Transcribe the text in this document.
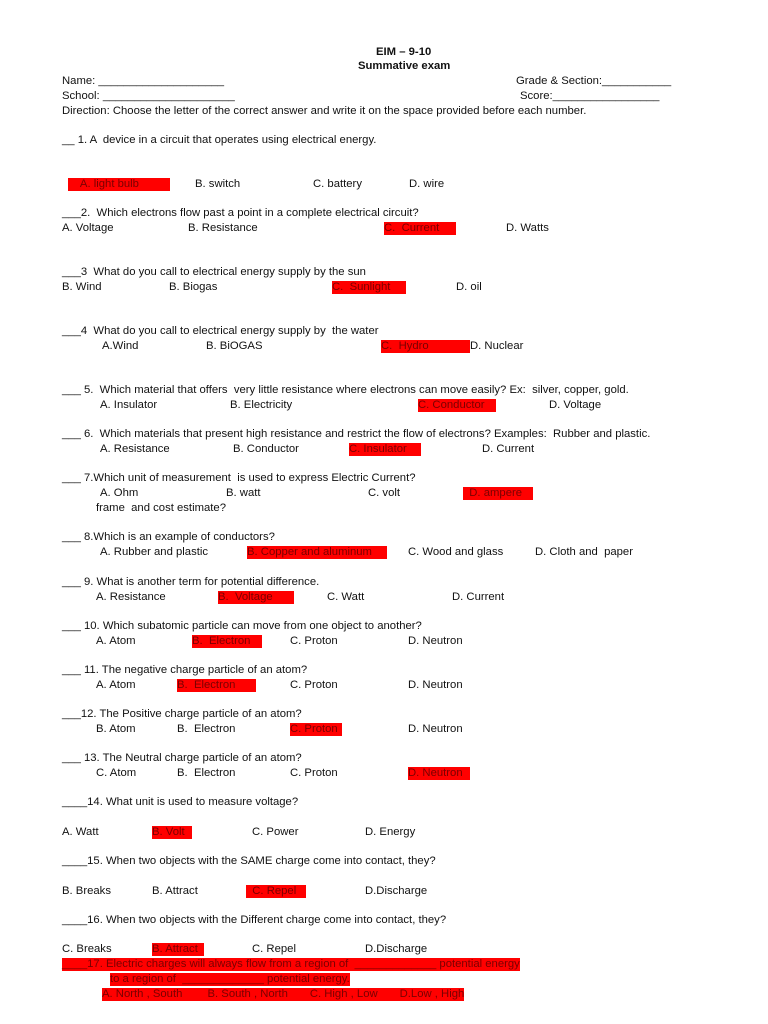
EIM – 9-10
Summative exam
Name: ____________________	Grade & Section:___________
School: _____________________	Score:_________________
Direction: Choose the letter of the correct answer and write it on the space provided before each number.
__ 1. A  device in a circuit that operates using electrical energy.
A. light bulb	B. switch	C. battery	D. wire
___2.  Which electrons flow past a point in a complete electrical circuit?
A. Voltage	B. Resistance	C.  Current	D. Watts
___3  What do you call to electrical energy supply by the sun
B. Wind	B. Biogas	C.  Sunlight	D. oil
___4  What do you call to electrical energy supply by  the water
A.Wind	B. BiOGAS	C.  Hydro	D. Nuclear
___ 5.  Which material that offers  very little resistance where electrons can move easily? Ex:  silver, copper, gold.
A. Insulator	B. Electricity	C. Conductor	D. Voltage
___ 6.  Which materials that present high resistance and restrict the flow of electrons? Examples:  Rubber and plastic.
A. Resistance	B. Conductor	C. Insulator	D. Current
___ 7.Which unit of measurement  is used to express Electric Current?
A. Ohm	B. watt	C. volt	D. ampere
frame  and cost estimate?
___ 8.Which is an example of conductors?
A. Rubber and plastic	B. Copper and aluminum	C. Wood and glass	D. Cloth and  paper
___ 9. What is another term for potential difference.
A. Resistance	B.  Voltage	C. Watt	D. Current
___ 10. Which subatomic particle can move from one object to another?
A. Atom	B.  Electron	C. Proton	D. Neutron
___ 11. The negative charge particle of an atom?
A. Atom	B.  Electron	C. Proton	D. Neutron
___12. The Positive charge particle of an atom?
B. Atom	B.  Electron	C. Proton	D. Neutron
___ 13. The Neutral charge particle of an atom?
C. Atom	B.  Electron	C. Proton	D. Neutron
____14. What unit is used to measure voltage?
A. Watt	B. Volt	C. Power	D. Energy
____15. When two objects with the SAME charge come into contact, they?
B. Breaks	B. Attract	C. Repel	D.Discharge
____16. When two objects with the Different charge come into contact, they?
C. Breaks	B. Attract	C. Repel	D.Discharge
____17. Electric charges will always flow from a region of  _____________ potential energy
to a region of  _____________ potential energy.
A. North , South        B. South , North       C. High , Low       D.Low , High
